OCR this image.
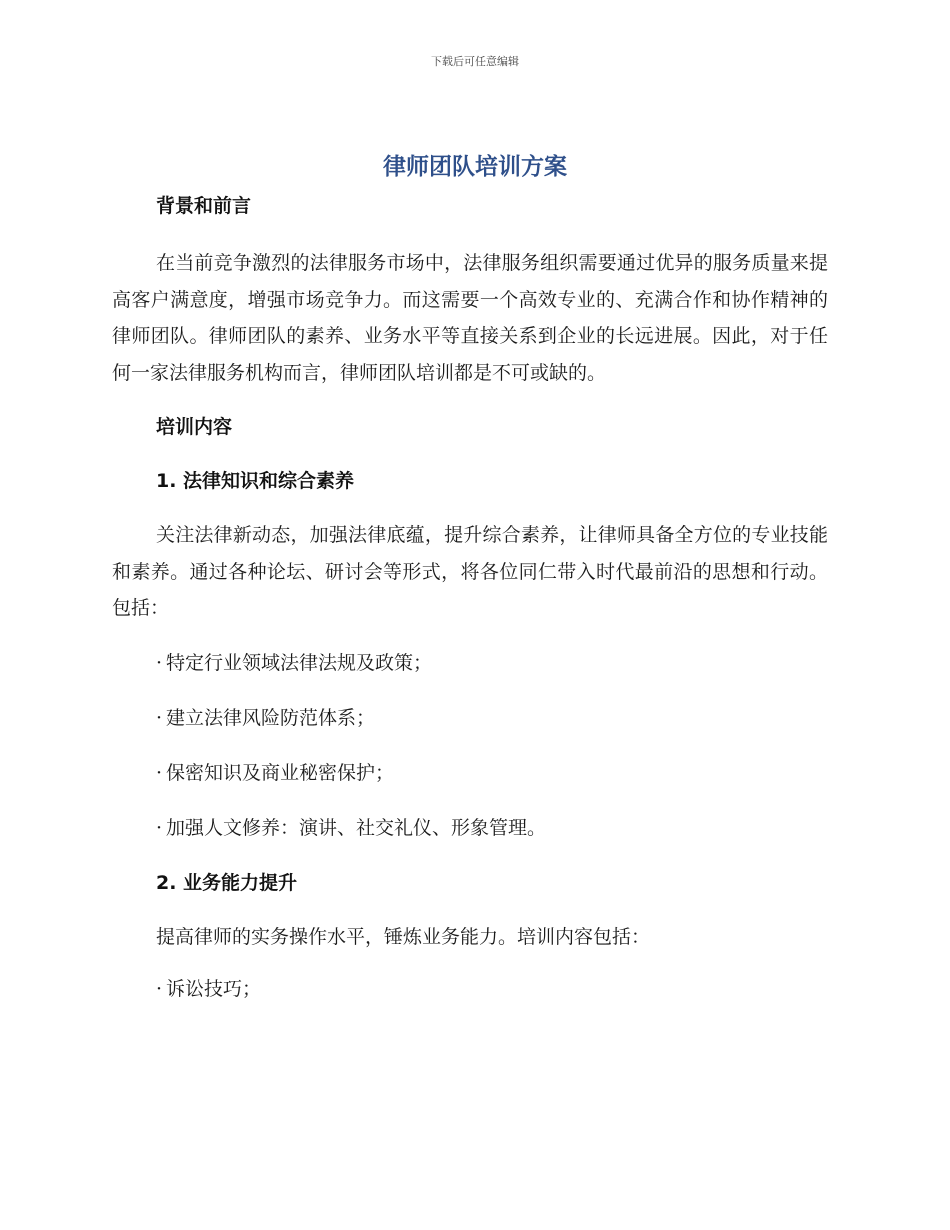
下载后可任意编辑
律师团队培训方案

背景和前言

在当前竞争激烈的法律服务市场中，法律服务组织需要通过优异的服务质量来提高客户满意度，增强市场竞争力。而这需要一个高效专业的、充满合作和协作精神的律师团队。律师团队的素养、业务水平等直接关系到企业的长远进展。因此，对于任何一家法律服务机构而言，律师团队培训都是不可或缺的。

培训内容

1. 法律知识和综合素养

关注法律新动态，加强法律底蕴，提升综合素养，让律师具备全方位的专业技能和素养。通过各种论坛、研讨会等形式，将各位同仁带入时代最前沿的思想和行动。包括：

· 特定行业领域法律法规及政策；

· 建立法律风险防范体系；

· 保密知识及商业秘密保护；

· 加强人文修养：演讲、社交礼仪、形象管理。

2. 业务能力提升

提高律师的实务操作水平，锤炼业务能力。培训内容包括：

· 诉讼技巧；
